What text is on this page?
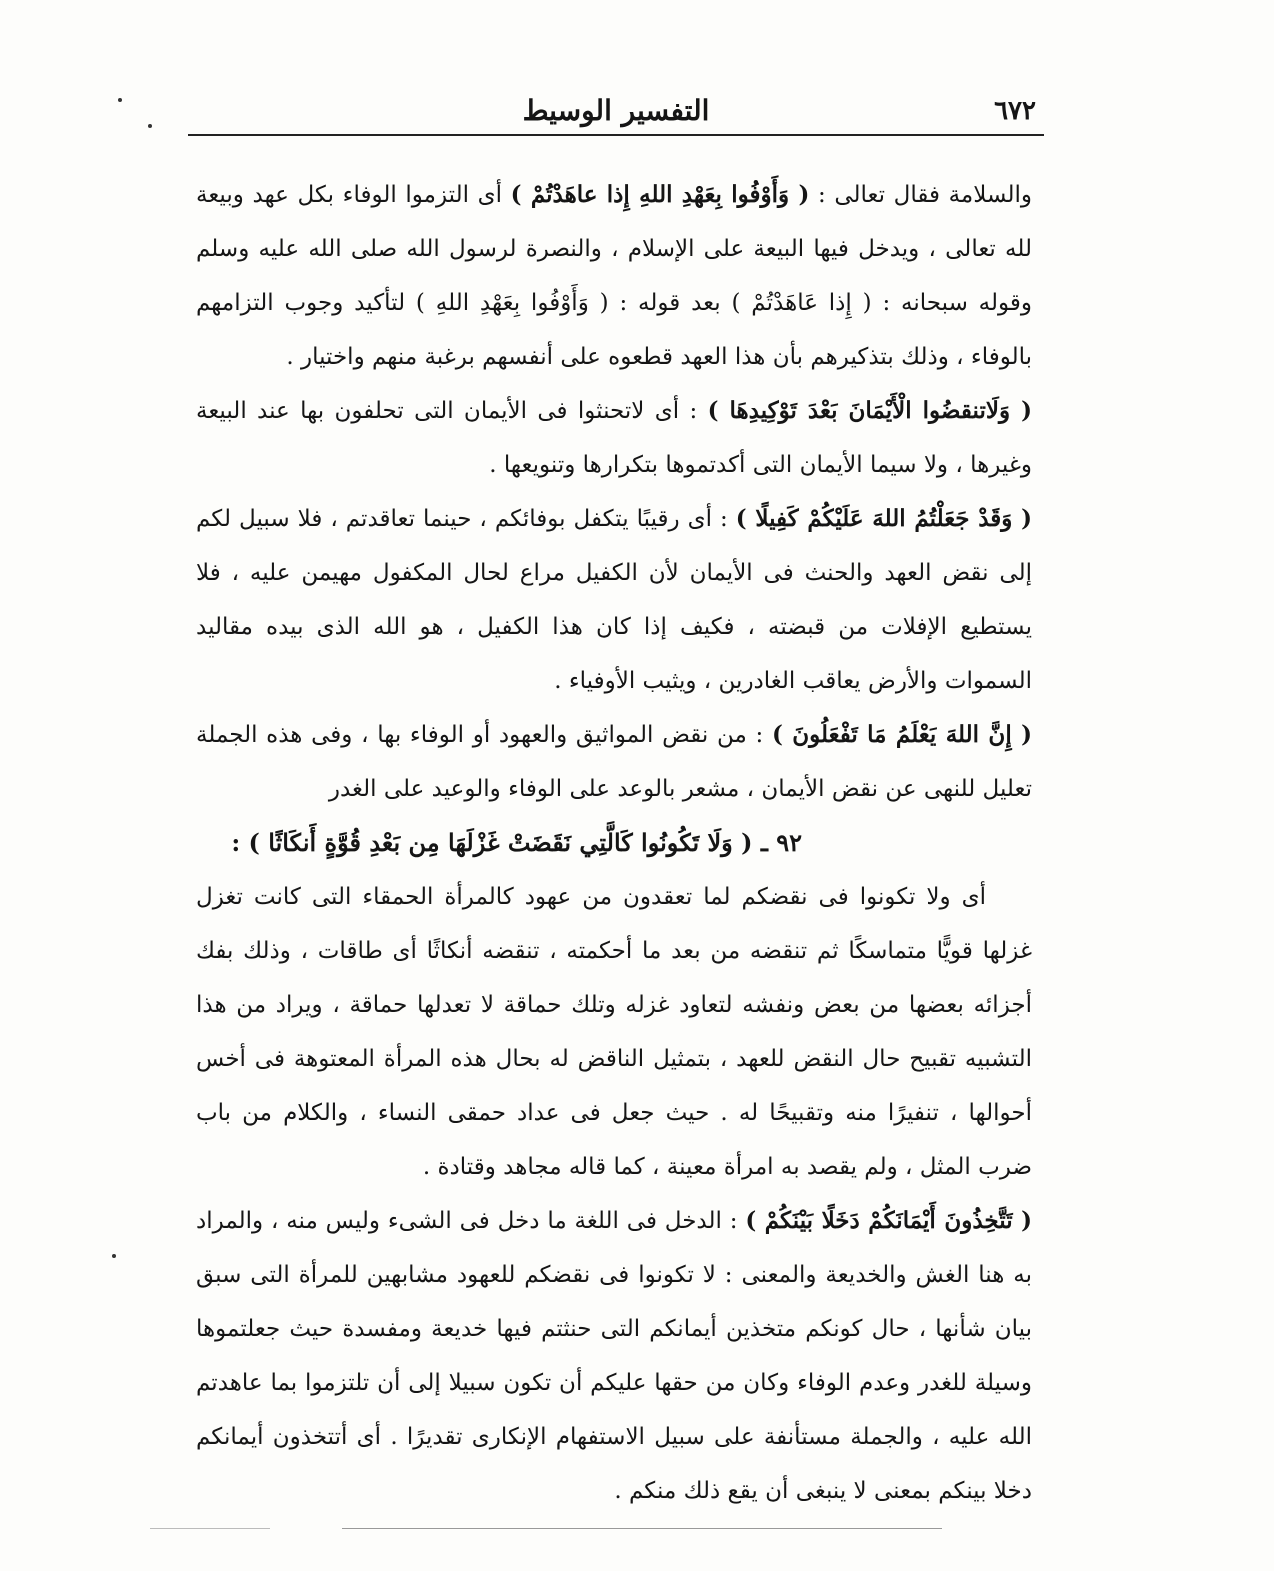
٦٧٢
التفسير الوسيط

والسلامة فقال تعالى : ( وَأَوْفُوا بِعَهْدِ اللهِ إِذا عاهَدْتُمْ ) أى التزموا الوفاء بكل عهد وبيعة لله تعالى ، ويدخل فيها البيعة على الإسلام ، والنصرة لرسول الله صلى الله عليه وسلم وقوله سبحانه : ( إِذا عَاهَدْتُمْ ) بعد قوله : ( وَأَوْفُوا بِعَهْدِ اللهِ ) لتأكيد وجوب التزامهم بالوفاء ، وذلك بتذكيرهم بأن هذا العهد قطعوه على أنفسهم برغبة منهم واختيار .

( وَلَاتنقضُوا الْأَيْمَانَ بَعْدَ تَوْكِيدِهَا ) : أى لاتحنثوا فى الأيمان التى تحلفون بها عند البيعة وغيرها ، ولا سيما الأيمان التى أكدتموها بتكرارها وتنويعها .

( وَقَدْ جَعَلْتُمُ اللهَ عَلَيْكُمْ كَفِيلًا ) : أى رقيبًا يتكفل بوفائكم ، حينما تعاقدتم ، فلا سبيل لكم إلى نقض العهد والحنث فى الأيمان لأن الكفيل مراع لحال المكفول مهيمن عليه ، فلا يستطيع الإفلات من قبضته ، فكيف إذا كان هذا الكفيل ، هو الله الذى بيده مقاليد السموات والأرض يعاقب الغادرين ، ويثيب الأوفياء .

( إِنَّ اللهَ يَعْلَمُ مَا تَفْعَلُونَ ) : من نقض المواثيق والعهود أو الوفاء بها ، وفى هذه الجملة تعليل للنهى عن نقض الأيمان ، مشعر بالوعد على الوفاء والوعيد على الغدر

٩٢ ـ ( وَلَا تَكُونُوا كَالَّتِي نَقَضَتْ غَزْلَهَا مِن بَعْدِ قُوَّةٍ أَنكَاثًا ) :

أى ولا تكونوا فى نقضكم لما تعقدون من عهود كالمرأة الحمقاء التى كانت تغزل غزلها قويًّا متماسكًا ثم تنقضه من بعد ما أحكمته ، تنقضه أنكاثًا أى طاقات ، وذلك بفك أجزائه بعضها من بعض ونفشه لتعاود غزله وتلك حماقة لا تعدلها حماقة ، ويراد من هذا التشبيه تقبيح حال النقض للعهد ، بتمثيل الناقض له بحال هذه المرأة المعتوهة فى أخس أحوالها ، تنفيرًا منه وتقبيحًا له . حيث جعل فى عداد حمقى النساء ، والكلام من باب ضرب المثل ، ولم يقصد به امرأة معينة ، كما قاله مجاهد وقتادة .

( تَتَّخِذُونَ أَيْمَانَكُمْ دَخَلًا بَيْنَكُمْ ) : الدخل فى اللغة ما دخل فى الشىء وليس منه ، والمراد به هنا الغش والخديعة والمعنى : لا تكونوا فى نقضكم للعهود مشابهين للمرأة التى سبق بيان شأنها ، حال كونكم متخذين أيمانكم التى حنثتم فيها خديعة ومفسدة حيث جعلتموها وسيلة للغدر وعدم الوفاء وكان من حقها عليكم أن تكون سبيلا إلى أن تلتزموا بما عاهدتم الله عليه ، والجملة مستأنفة على سبيل الاستفهام الإنكارى تقديرًا . أى أتتخذون أيمانكم دخلا بينكم بمعنى لا ينبغى أن يقع ذلك منكم .
